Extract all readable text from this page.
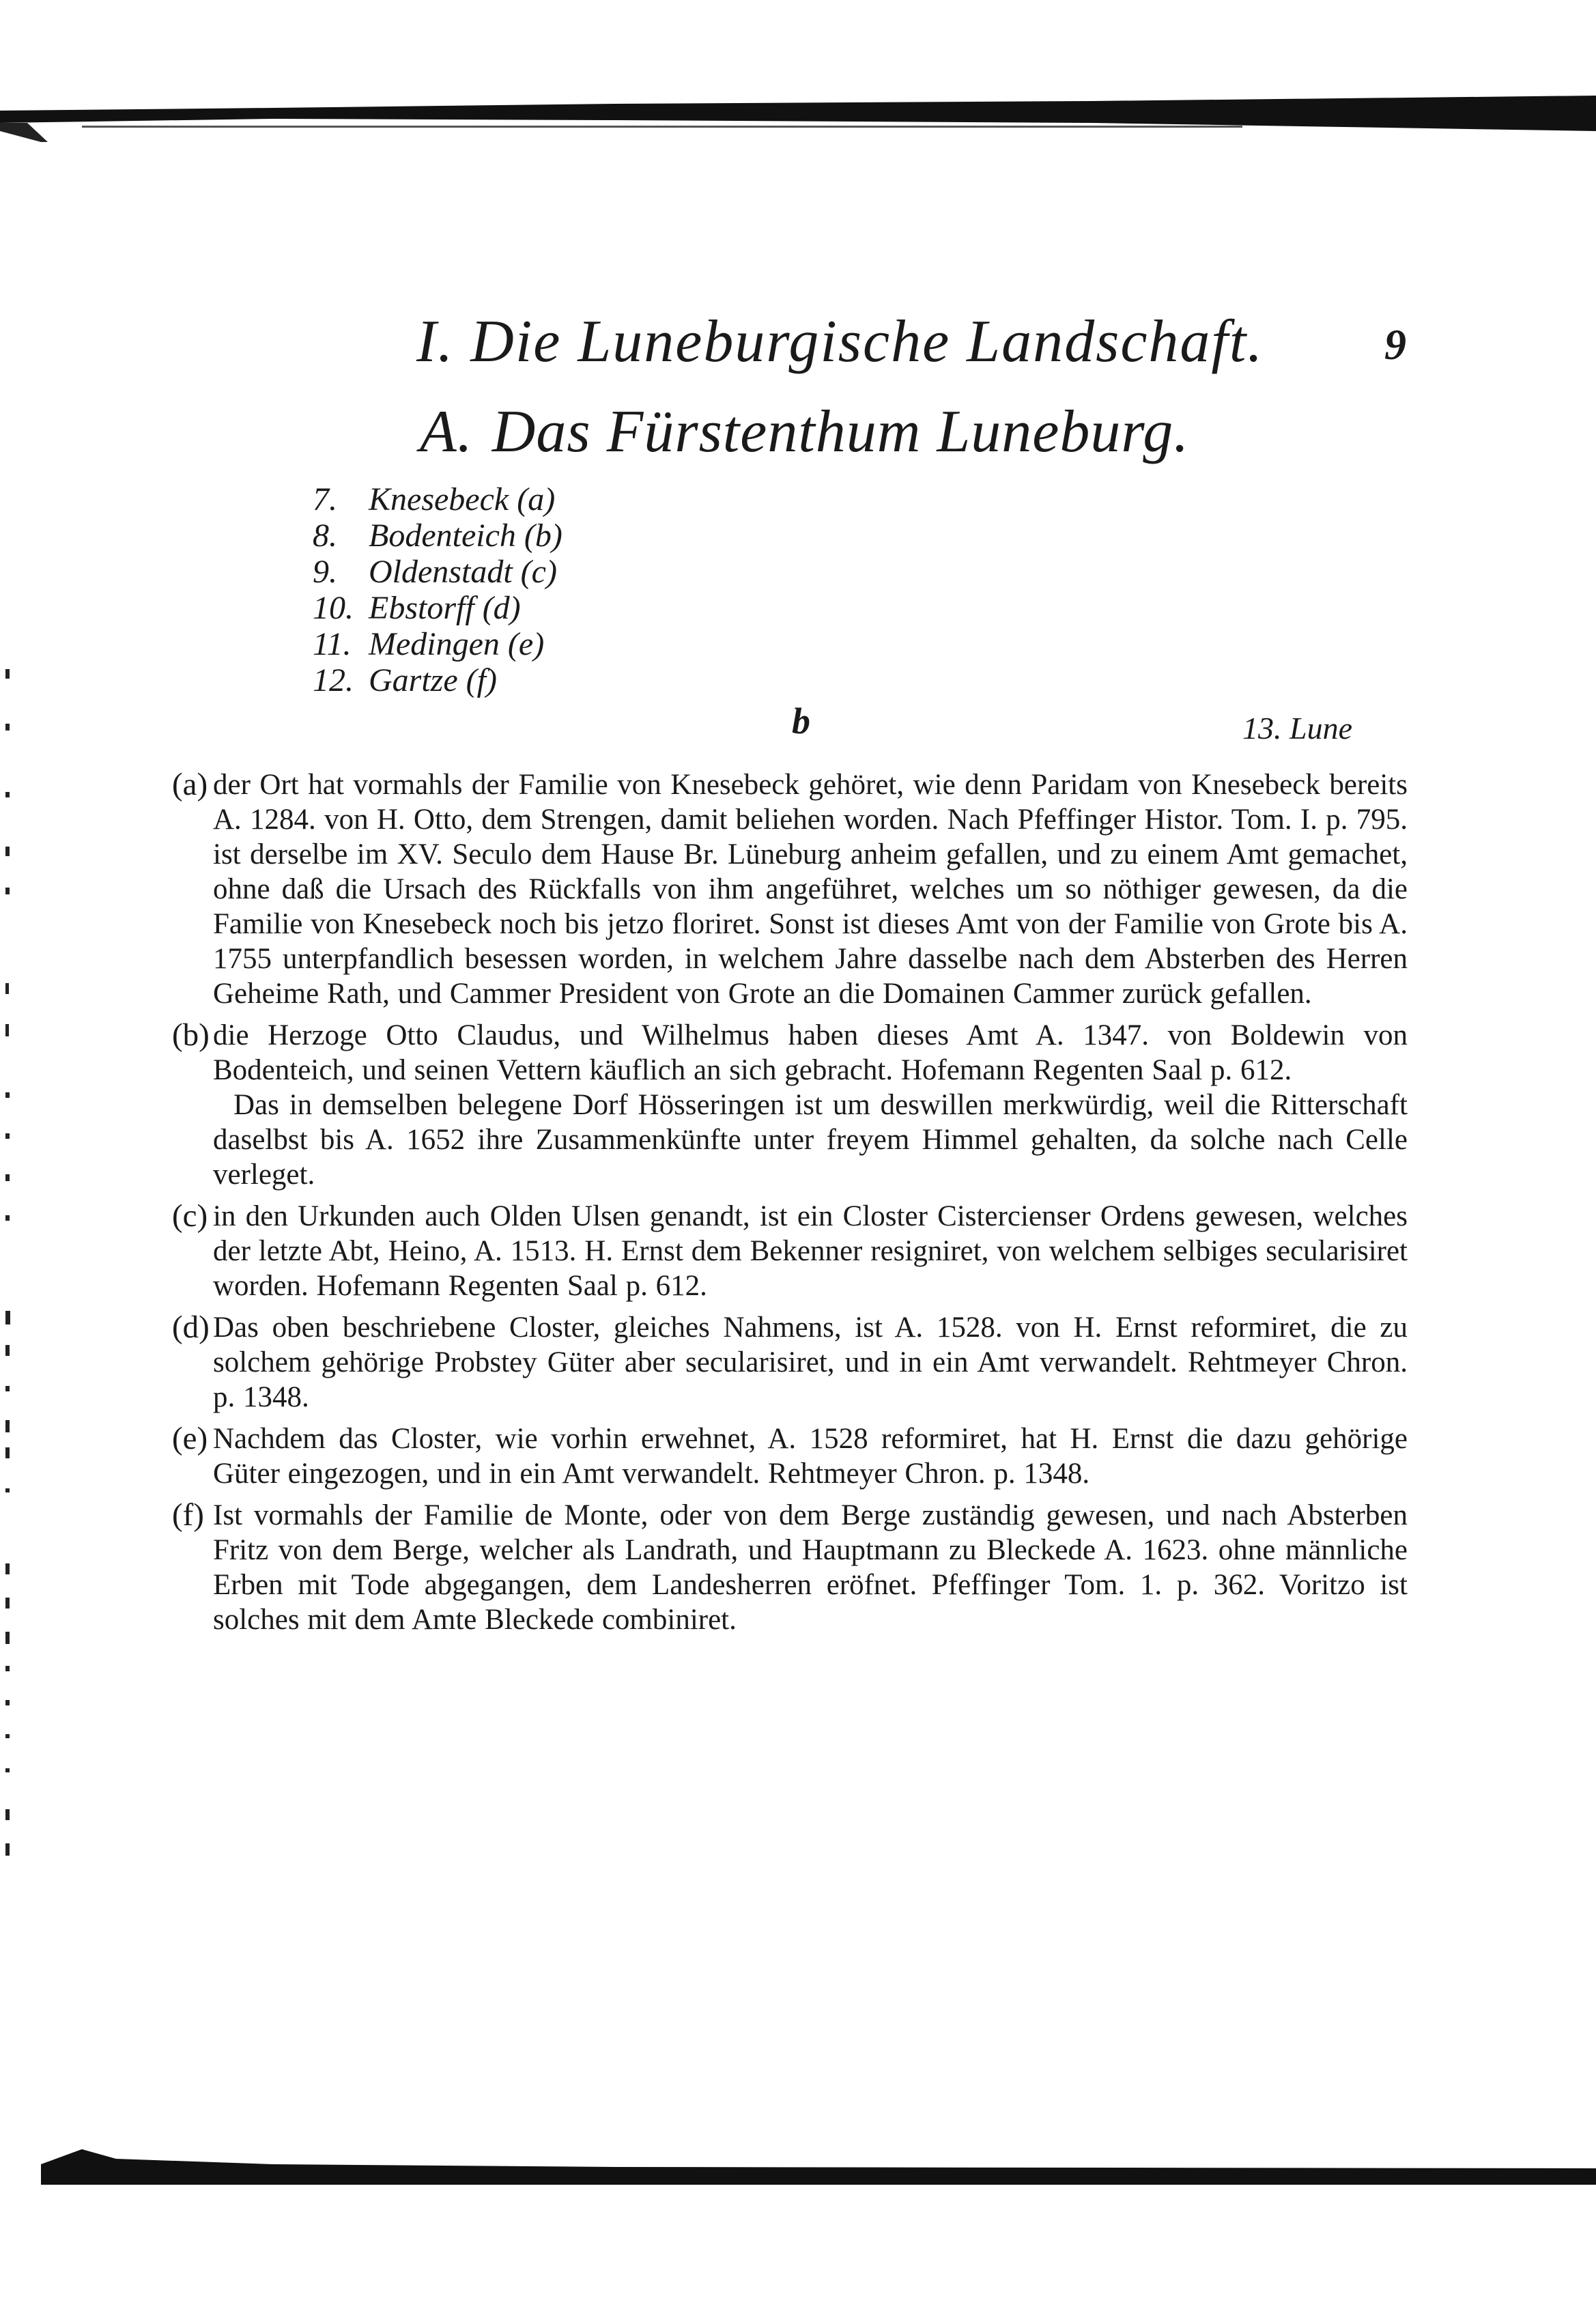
I. Die Luneburgische Landschaft.	9
A. Das Fürstenthum Luneburg.
7. Knesebeck (a)
8. Bodenteich (b)
9. Oldenstadt (c)
10. Ebstorff (d)
11. Medingen (e)
12. Gartze (f)
b	13. Lune
(a) der Ort hat vormahls der Familie von Knesebeck gehöret, wie denn Paridam von Knesebeck bereits A. 1284. von H. Otto, dem Strengen, damit beliehen worden. Nach Pfeffinger Histor. Tom. I. p. 795. ist derselbe im XV. Seculo dem Hause Br. Lüneburg anheim gefallen, und zu einem Amt gemachet, ohne daß die Ursach des Rückfalls von ihm angeführet, welches um so nöthiger gewesen, da die Familie von Knesebeck noch bis jetzo floriret. Sonst ist dieses Amt von der Familie von Grote bis A. 1755 unterpfandlich besessen worden, in welchem Jahre dasselbe nach dem Absterben des Herren Geheime Rath, und Cammer President von Grote an die Domainen Cammer zurück gefallen.

(b) die Herzoge Otto Claudus, und Wilhelmus haben dieses Amt A. 1347. von Boldewin von Bodenteich, und seinen Vettern käuflich an sich gebracht. Hofemann Regenten Saal p. 612.

Das in demselben belegene Dorf Hösseringen ist um deswillen merkwürdig, weil die Ritterschaft daselbst bis A. 1652 ihre Zusammenkünfte unter freyem Himmel gehalten, da solche nach Celle verleget.

(c) in den Urkunden auch Olden Ulsen genandt, ist ein Closter Cistercienser Ordens gewesen, welches der letzte Abt, Heino, A. 1513. H. Ernst dem Bekenner resigniret, von welchem selbiges secularisiret worden. Hofemann Regenten Saal p. 612.

(d) Das oben beschriebene Closter, gleiches Nahmens, ist A. 1528. von H. Ernst reformiret, die zu solchem gehörige Probstey Güter aber secularisiret, und in ein Amt verwandelt. Rehtmeyer Chron. p. 1348.

(e) Nachdem das Closter, wie vorhin erwehnet, A. 1528 reformiret, hat H. Ernst die dazu gehörige Güter eingezogen, und in ein Amt verwandelt. Rehtmeyer Chron. p. 1348.

(f) Ist vormahls der Familie de Monte, oder von dem Berge zuständig gewesen, und nach Absterben Fritz von dem Berge, welcher als Landrath, und Hauptmann zu Bleckede A. 1623. ohne männliche Erben mit Tode abgegangen, dem Landesherren eröfnet. Pfeffinger Tom. 1. p. 362. Voritzo ist solches mit dem Amte Bleckede combiniret.
